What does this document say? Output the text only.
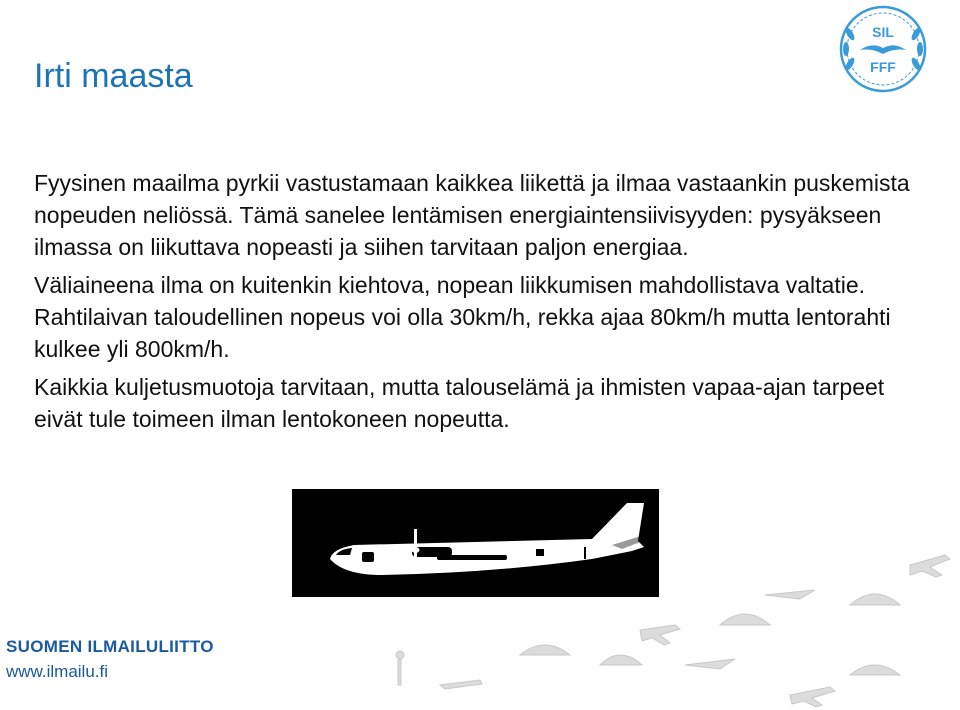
Irti maasta
SIL
FFF

Fyysinen maailma pyrkii vastustamaan kaikkea liikettä ja ilmaa vastaankin puskemista nopeuden neliössä. Tämä sanelee lentämisen energiaintensiivisyyden: pysyäkseen ilmassa on liikuttava nopeasti ja siihen tarvitaan paljon energiaa.

Väliaineena ilma on kuitenkin kiehtova, nopean liikkumisen mahdollistava valtatie. Rahtilaivan taloudellinen nopeus voi olla 30km/h, rekka ajaa 80km/h mutta lentorahti kulkee yli 800km/h.

Kaikkia kuljetusmuotoja tarvitaan, mutta talouselämä ja ihmisten vapaa-ajan tarpeet eivät tule toimeen ilman lentokoneen nopeutta.

SUOMEN ILMAILULIITTO
www.ilmailu.fi
